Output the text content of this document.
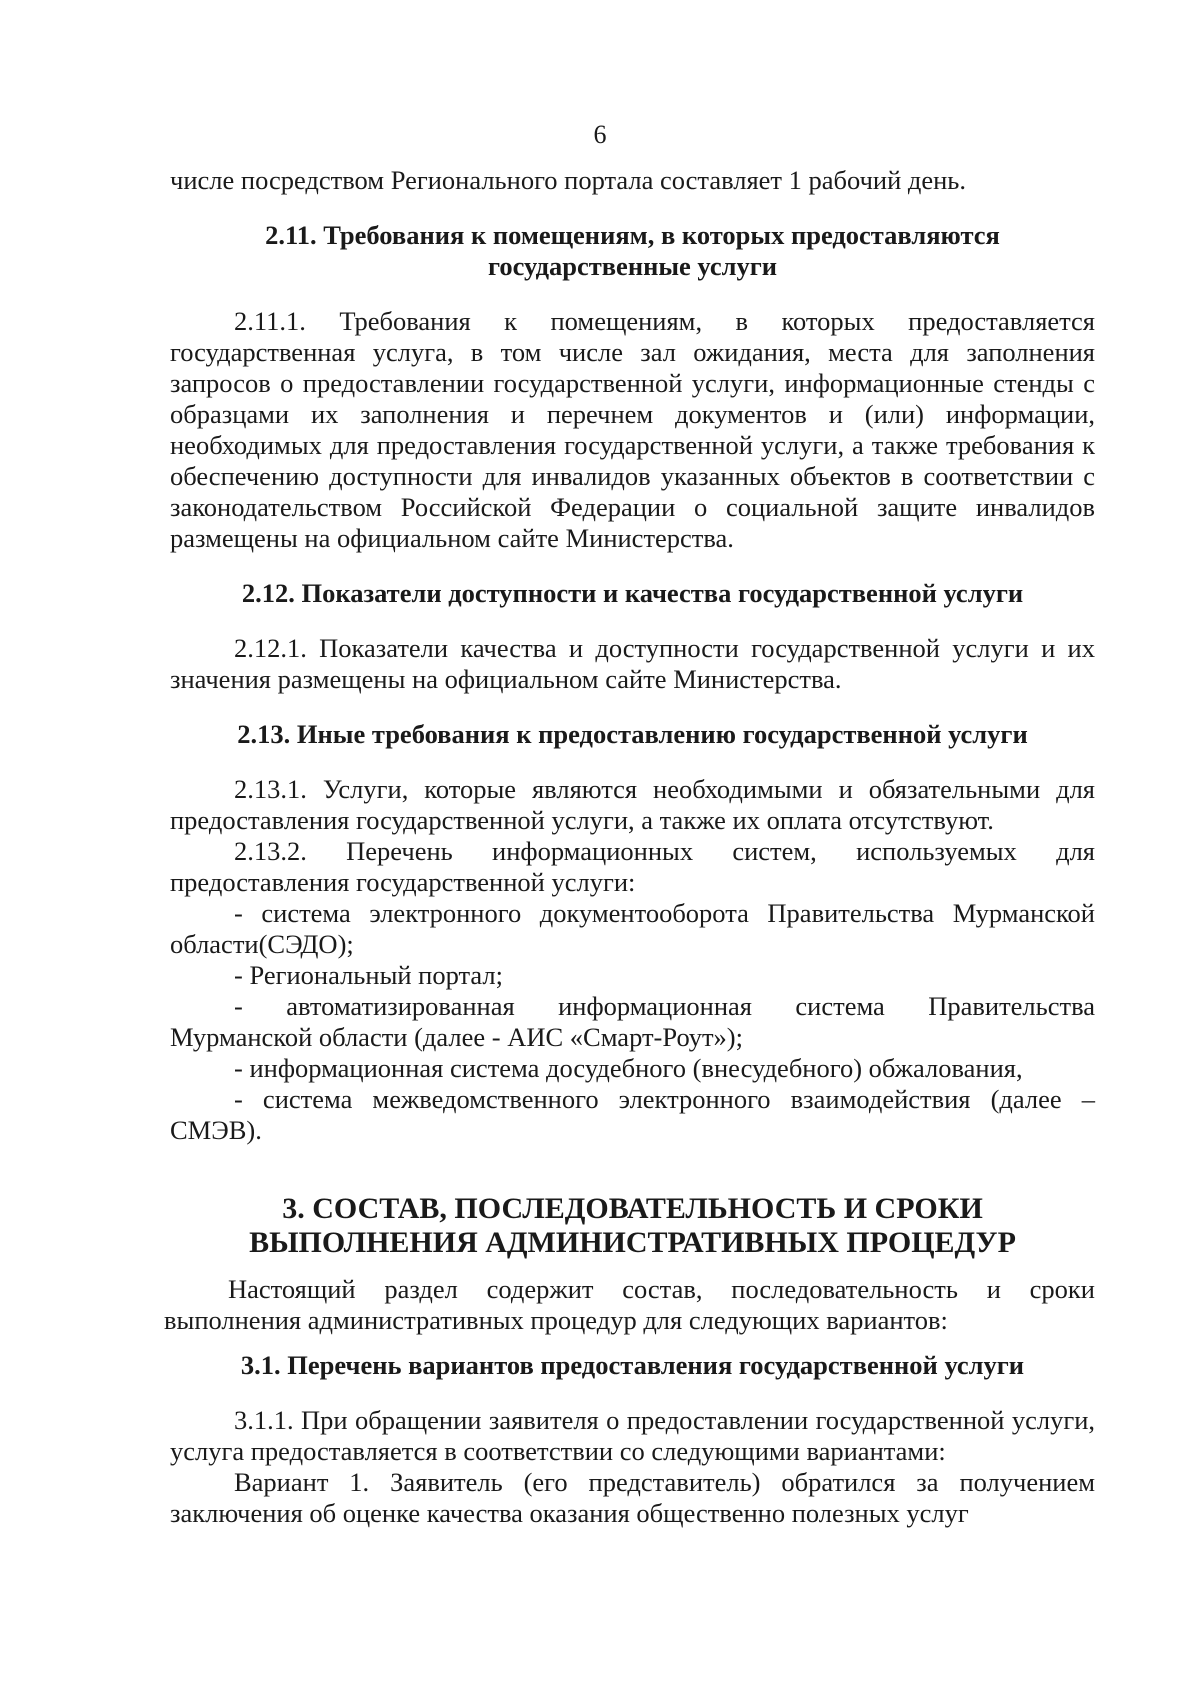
6

числе посредством Регионального портала составляет 1 рабочий день.

2.11. Требования к помещениям, в которых предоставляются государственные услуги

2.11.1. Требования к помещениям, в которых предоставляется государственная услуга, в том числе зал ожидания, места для заполнения запросов о предоставлении государственной услуги, информационные стенды с образцами их заполнения и перечнем документов и (или) информации, необходимых для предоставления государственной услуги, а также требования к обеспечению доступности для инвалидов указанных объектов в соответствии с законодательством Российской Федерации о социальной защите инвалидов размещены на официальном сайте Министерства.

2.12. Показатели доступности и качества государственной услуги

2.12.1. Показатели качества и доступности государственной услуги и их значения размещены на официальном сайте Министерства.

2.13. Иные требования к предоставлению государственной услуги

2.13.1. Услуги, которые являются необходимыми и обязательными для предоставления государственной услуги, а также их оплата отсутствуют.

2.13.2. Перечень информационных систем, используемых для предоставления государственной услуги:

- система электронного документооборота Правительства Мурманской области(СЭДО);

- Региональный портал;

- автоматизированная информационная система Правительства Мурманской области (далее - АИС «Смарт-Роут»);

- информационная система досудебного (внесудебного) обжалования,

- система межведомственного электронного взаимодействия (далее – СМЭВ).

3. СОСТАВ, ПОСЛЕДОВАТЕЛЬНОСТЬ И СРОКИ ВЫПОЛНЕНИЯ АДМИНИСТРАТИВНЫХ ПРОЦЕДУР

Настоящий раздел содержит состав, последовательность и сроки выполнения административных процедур для следующих вариантов:

3.1. Перечень вариантов предоставления государственной услуги

3.1.1. При обращении заявителя о предоставлении государственной услуги, услуга предоставляется в соответствии со следующими вариантами:

Вариант 1. Заявитель (его представитель) обратился за получением заключения об оценке качества оказания общественно полезных услуг
